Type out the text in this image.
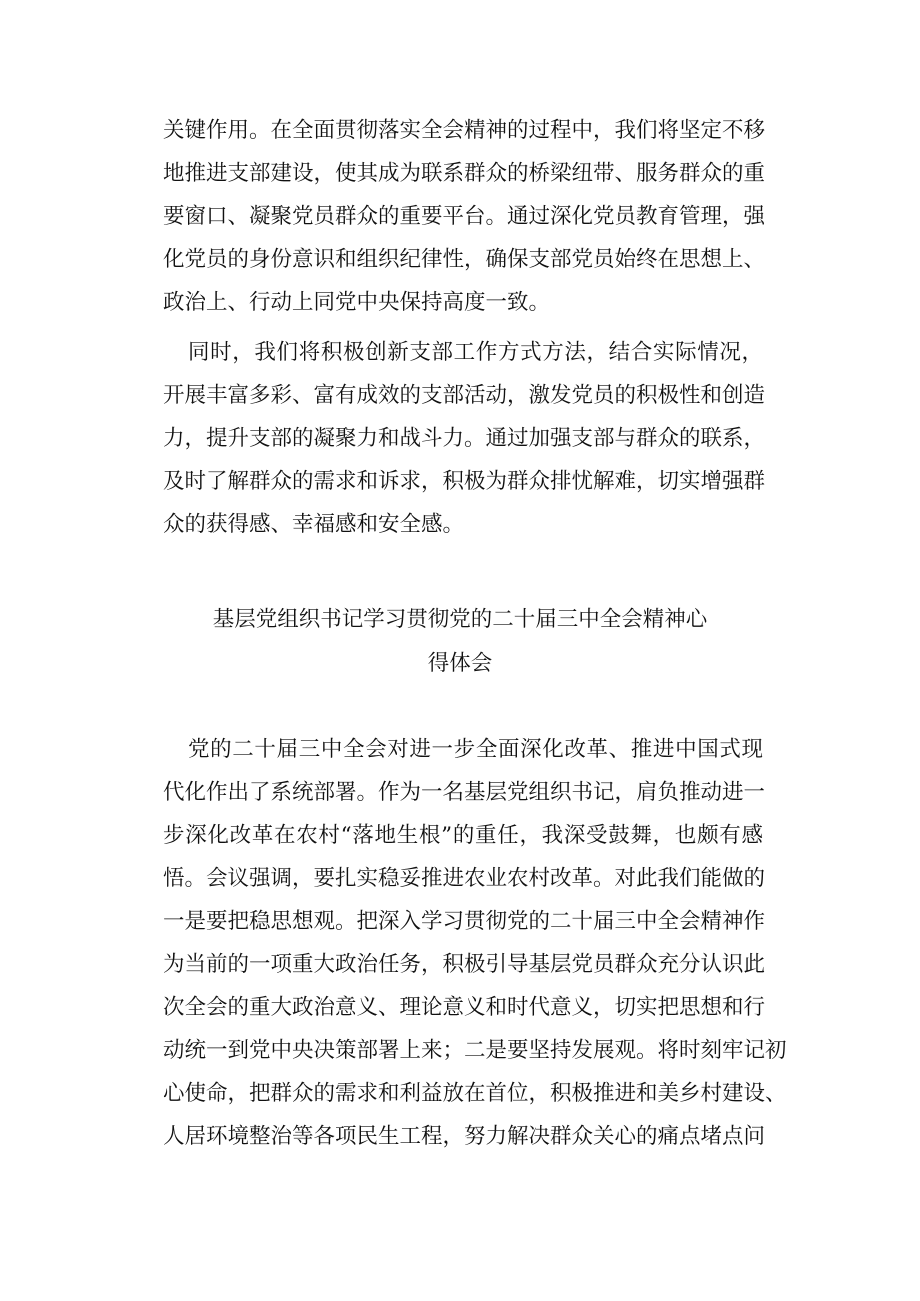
关键作用。在全面贯彻落实全会精神的过程中，我们将坚定不移
地推进支部建设，使其成为联系群众的桥梁纽带、服务群众的重
要窗口、凝聚党员群众的重要平台。通过深化党员教育管理，强
化党员的身份意识和组织纪律性，确保支部党员始终在思想上、
政治上、行动上同党中央保持高度一致。
同时，我们将积极创新支部工作方式方法，结合实际情况，
开展丰富多彩、富有成效的支部活动，激发党员的积极性和创造
力，提升支部的凝聚力和战斗力。通过加强支部与群众的联系，
及时了解群众的需求和诉求，积极为群众排忧解难，切实增强群
众的获得感、幸福感和安全感。
基层党组织书记学习贯彻党的二十届三中全会精神心
得体会
党的二十届三中全会对进一步全面深化改革、推进中国式现
代化作出了系统部署。作为一名基层党组织书记，肩负推动进一
步深化改革在农村“落地生根”的重任，我深受鼓舞，也颇有感
悟。会议强调，要扎实稳妥推进农业农村改革。对此我们能做的
一是要把稳思想观。把深入学习贯彻党的二十届三中全会精神作
为当前的一项重大政治任务，积极引导基层党员群众充分认识此
次全会的重大政治意义、理论意义和时代意义，切实把思想和行
动统一到党中央决策部署上来；二是要坚持发展观。将时刻牢记初
心使命，把群众的需求和利益放在首位，积极推进和美乡村建设、
人居环境整治等各项民生工程，努力解决群众关心的痛点堵点问
